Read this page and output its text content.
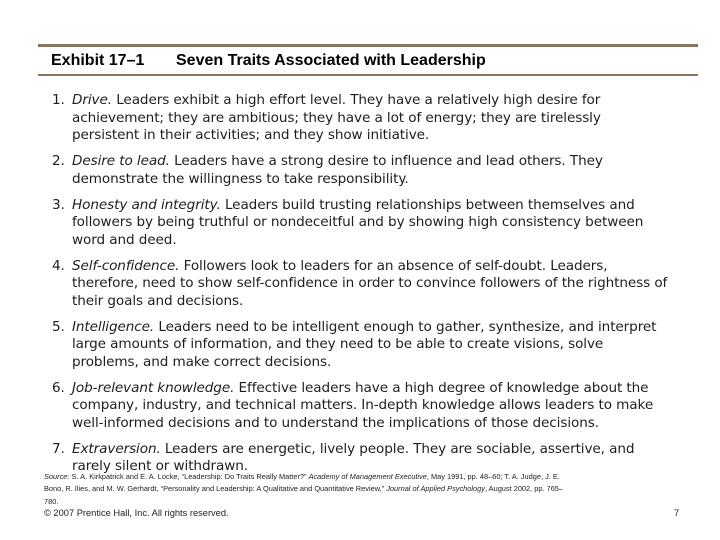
Exhibit 17–1 Seven Traits Associated with Leadership
1. Drive. Leaders exhibit a high effort level. They have a relatively high desire for achievement; they are ambitious; they have a lot of energy; they are tirelessly persistent in their activities; and they show initiative.
2. Desire to lead. Leaders have a strong desire to influence and lead others. They demonstrate the willingness to take responsibility.
3. Honesty and integrity. Leaders build trusting relationships between themselves and followers by being truthful or nondeceitful and by showing high consistency between word and deed.
4. Self-confidence. Followers look to leaders for an absence of self-doubt. Leaders, therefore, need to show self-confidence in order to convince followers of the rightness of their goals and decisions.
5. Intelligence. Leaders need to be intelligent enough to gather, synthesize, and interpret large amounts of information, and they need to be able to create visions, solve problems, and make correct decisions.
6. Job-relevant knowledge. Effective leaders have a high degree of knowledge about the company, industry, and technical matters. In-depth knowledge allows leaders to make well-informed decisions and to understand the implications of those decisions.
7. Extraversion. Leaders are energetic, lively people. They are sociable, assertive, and rarely silent or withdrawn.
Source: S. A. Kirkpatrick and E. A. Locke, “Leadership: Do Traits Really Matter?” Academy of Management Executive, May 1991, pp. 48–60; T. A. Judge, J. E. Bono, R. Ilies, and M. W. Gerhardt, “Personality and Leadership: A Qualitative and Quantitative Review,” Journal of Applied Psychology, August 2002, pp. 765–780.
© 2007 Prentice Hall, Inc. All rights reserved.	7
